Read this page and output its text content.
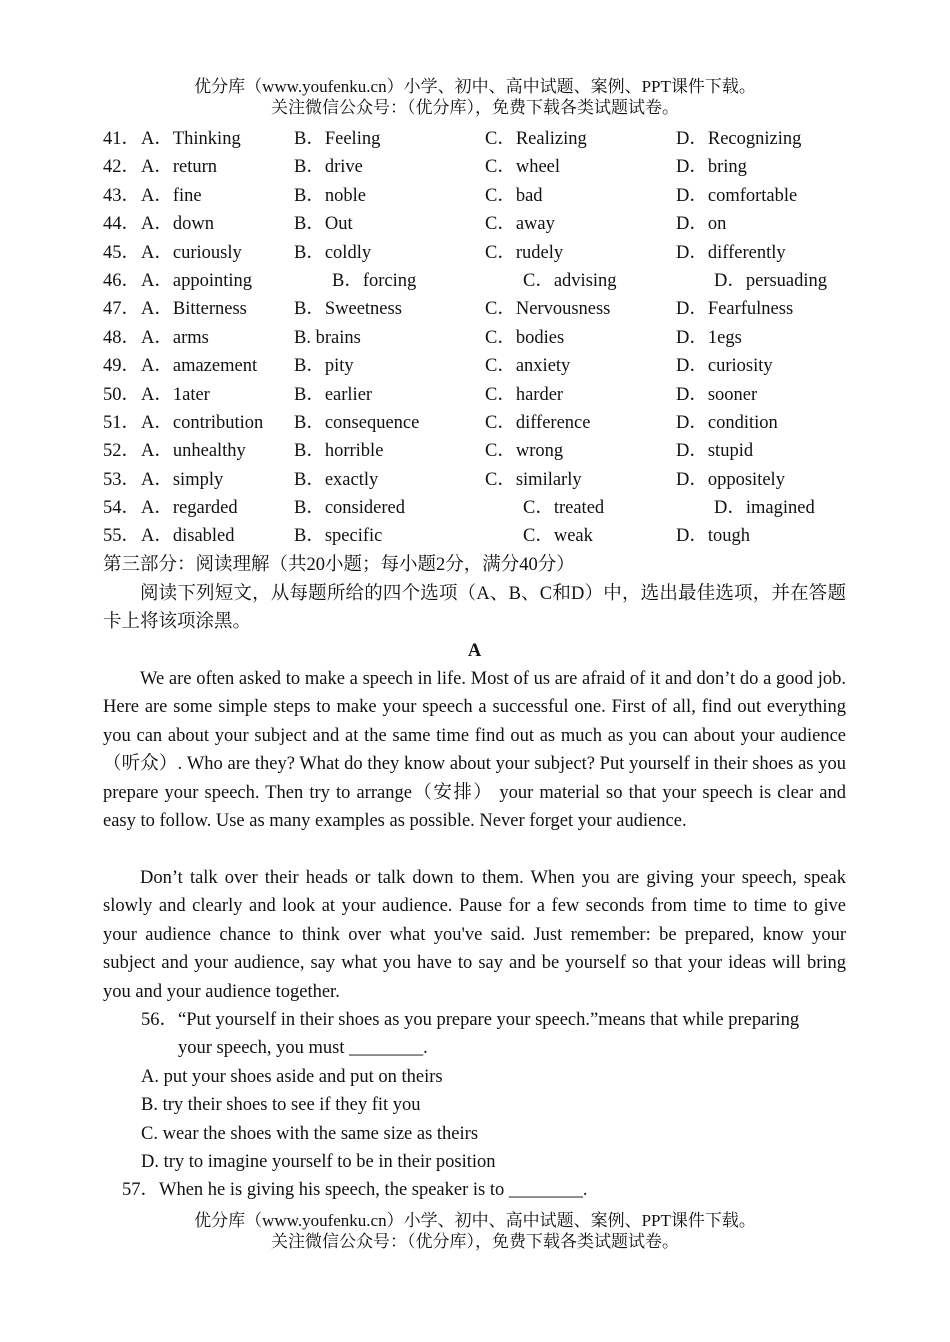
优分库（www.youfenku.cn）小学、初中、高中试题、案例、PPT课件下载。
关注微信公众号：（优分库），免费下载各类试题试卷。
41． A．Thinking	B．Feeling	C．Realizing	D．Recognizing
42． A．return	B．drive	C．wheel	D．bring
43． A．fine	B．noble	C．bad	D．comfortable
44． A．down	B．Out	C．away	D．on
45． A．curiously	B．coldly	C．rudely	D．differently
46． A．appointing	B．forcing	C．advising	D．persuading
47． A．Bitterness	B．Sweetness	C．Nervousness	D．Fearfulness
48． A．arms	B. brains	C．bodies	D．1egs
49． A．amazement B．pity	C．anxiety	D．curiosity
50． A．1ater	B．earlier	C．harder	D．sooner
51． A．contribution B．consequence	C．difference	D．condition
52． A．unhealthy	B．horrible	C．wrong	D．stupid
53． A．simply	B．exactly	C．similarly	D．oppositely
54． A．regarded	B．considered	C．treated	D．imagined
55． A．disabled	B．specific	C．weak	D．tough
第三部分：阅读理解（共20小题；每小题2分，满分40分）
阅读下列短文，从每题所给的四个选项（A、B、C和D）中，选出最佳选项，并在答题卡上将该项涂黑。
A
We are often asked to make a speech in life. Most of us are afraid of it and don’t do a good job. Here are some simple steps to make your speech a successful one. First of all, find out everything you can about your subject and at the same time find out as much as you can about your audience（听众）. Who are they? What do they know about your subject? Put yourself in their shoes as you prepare your speech. Then try to arrange（安排） your material so that your speech is clear and easy to follow. Use as many examples as possible. Never forget your audience.
Don’t talk over their heads or talk down to them. When you are giving your speech, speak slowly and clearly and look at your audience. Pause for a few seconds from time to time to give your audience chance to think over what you've said. Just remember: be prepared, know your subject and your audience, say what you have to say and be yourself so that your ideas will bring you and your audience together.
56．“Put yourself in their shoes as you prepare your speech.”means that while preparing
your speech, you must ________.
A. put your shoes aside and put on theirs
B. try their shoes to see if they fit you
C. wear the shoes with the same size as theirs
D. try to imagine yourself to be in their position
57．When he is giving his speech, the speaker is to ________.
优分库（www.youfenku.cn）小学、初中、高中试题、案例、PPT课件下载。
关注微信公众号：（优分库），免费下载各类试题试卷。
